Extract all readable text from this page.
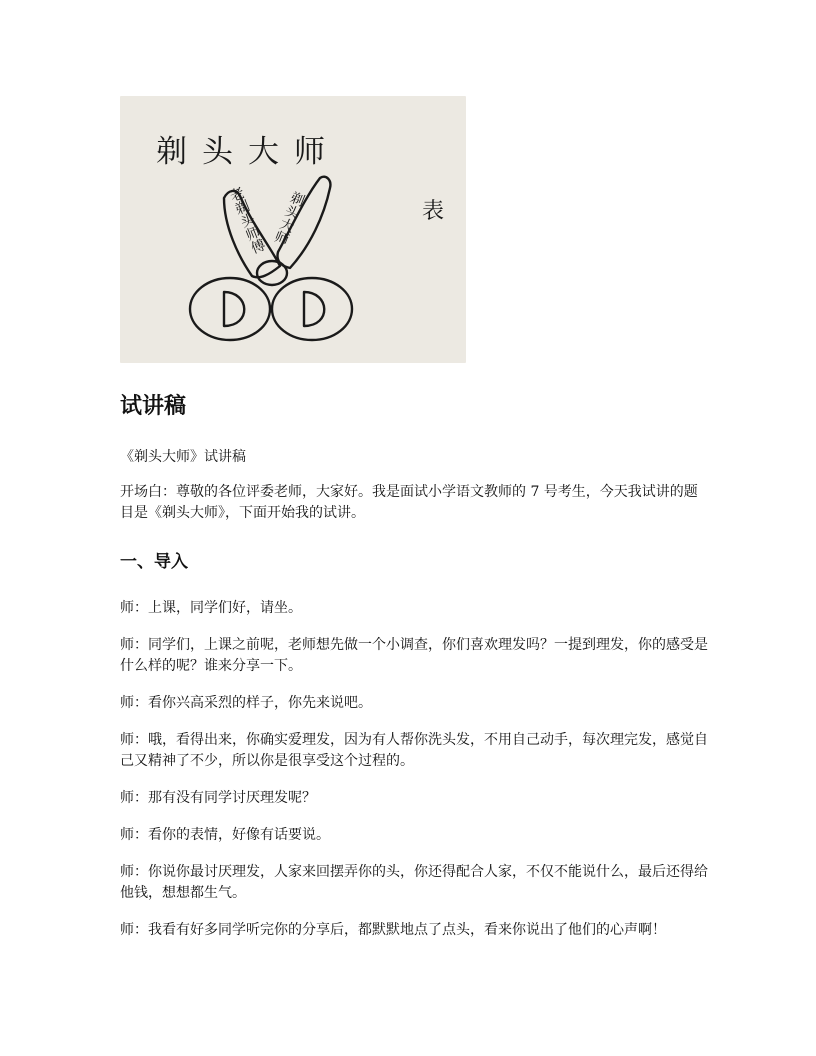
剃头大师
表
老剃头师傅 剃头大师
试讲稿

《剃头大师》试讲稿

开场白：尊敬的各位评委老师，大家好。我是面试小学语文教师的 7 号考生，今天我试讲的题目是《剃头大师》，下面开始我的试讲。

一、导入

师：上课，同学们好，请坐。

师：同学们，上课之前呢，老师想先做一个小调查，你们喜欢理发吗？一提到理发，你的感受是什么样的呢？谁来分享一下。

师：看你兴高采烈的样子，你先来说吧。

师：哦，看得出来，你确实爱理发，因为有人帮你洗头发，不用自己动手，每次理完发，感觉自己又精神了不少，所以你是很享受这个过程的。

师：那有没有同学讨厌理发呢？

师：看你的表情，好像有话要说。

师：你说你最讨厌理发，人家来回摆弄你的头，你还得配合人家，不仅不能说什么，最后还得给他钱，想想都生气。

师：我看有好多同学听完你的分享后，都默默地点了点头，看来你说出了他们的心声啊！
